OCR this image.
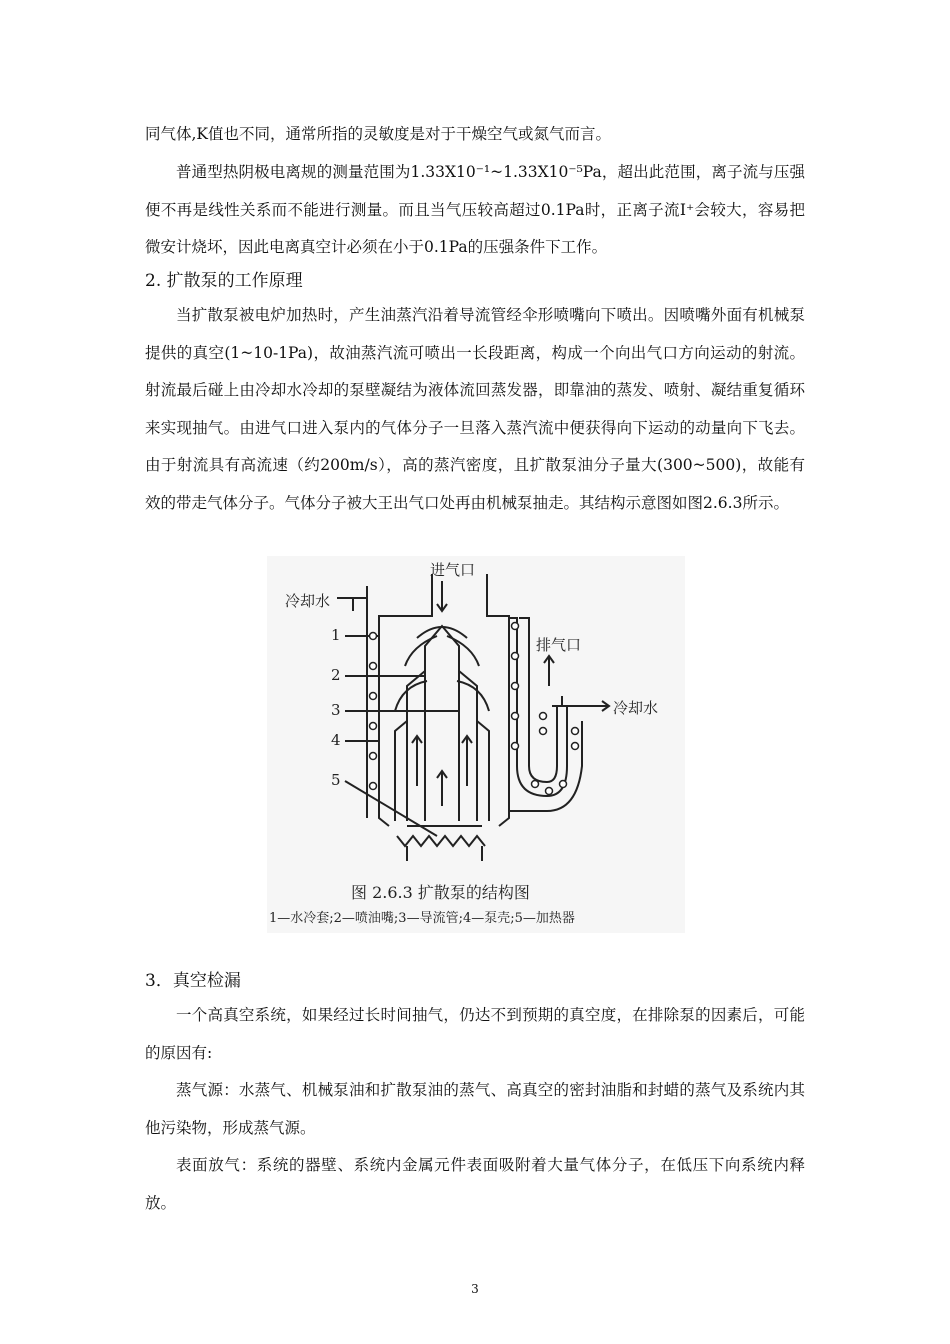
同气体,K值也不同，通常所指的灵敏度是对于干燥空气或氮气而言。

普通型热阴极电离规的测量范围为1.33X10⁻¹~1.33X10⁻⁵Pa，超出此范围，离子流与压强便不再是线性关系而不能进行测量。而且当气压较高超过0.1Pa时，正离子流I⁺会较大，容易把微安计烧坏，因此电离真空计必须在小于0.1Pa的压强条件下工作。

2. 扩散泵的工作原理

当扩散泵被电炉加热时，产生油蒸汽沿着导流管经伞形喷嘴向下喷出。因喷嘴外面有机械泵提供的真空(1~10-1Pa)，故油蒸汽流可喷出一长段距离，构成一个向出气口方向运动的射流。射流最后碰上由冷却水冷却的泵壁凝结为液体流回蒸发器，即靠油的蒸发、喷射、凝结重复循环来实现抽气。由进气口进入泵内的气体分子一旦落入蒸汽流中便获得向下运动的动量向下飞去。由于射流具有高流速（约200m/s），高的蒸汽密度，且扩散泵油分子量大(300~500)，故能有效的带走气体分子。气体分子被大王出气口处再由机械泵抽走。其结构示意图如图2.6.3所示。

进气口
冷却水
排气口
冷却水
1
2
3
4
5
图 2.6.3 扩散泵的结构图
1—水冷套;2—喷油嘴;3—导流管;4—泵壳;5—加热器

3．真空检漏

一个高真空系统，如果经过长时间抽气，仍达不到预期的真空度，在排除泵的因素后，可能的原因有:

蒸气源：水蒸气、机械泵油和扩散泵油的蒸气、高真空的密封油脂和封蜡的蒸气及系统内其他污染物，形成蒸气源。

表面放气：系统的器壁、系统内金属元件表面吸附着大量气体分子，在低压下向系统内释放。

3
